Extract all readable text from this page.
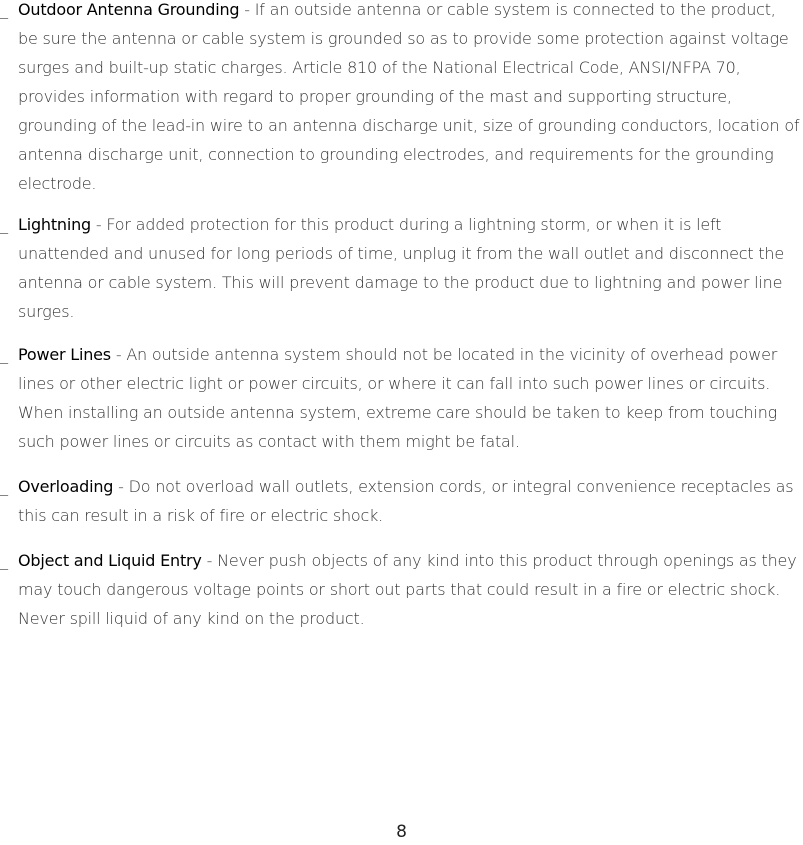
_ Outdoor Antenna Grounding - If an outside antenna or cable system is connected to the product, be sure the antenna or cable system is grounded so as to provide some protection against voltage surges and built-up static charges. Article 810 of the National Electrical Code, ANSI/NFPA 70, provides information with regard to proper grounding of the mast and supporting structure, grounding of the lead-in wire to an antenna discharge unit, size of grounding conductors, location of antenna discharge unit, connection to grounding electrodes, and requirements for the grounding electrode.
_ Lightning - For added protection for this product during a lightning storm, or when it is left unattended and unused for long periods of time, unplug it from the wall outlet and disconnect the antenna or cable system. This will prevent damage to the product due to lightning and power line surges.
_ Power Lines - An outside antenna system should not be located in the vicinity of overhead power lines or other electric light or power circuits, or where it can fall into such power lines or circuits. When installing an outside antenna system, extreme care should be taken to keep from touching such power lines or circuits as contact with them might be fatal.
_ Overloading - Do not overload wall outlets, extension cords, or integral convenience receptacles as this can result in a risk of fire or electric shock.
_ Object and Liquid Entry - Never push objects of any kind into this product through openings as they may touch dangerous voltage points or short out parts that could result in a fire or electric shock. Never spill liquid of any kind on the product.
8
